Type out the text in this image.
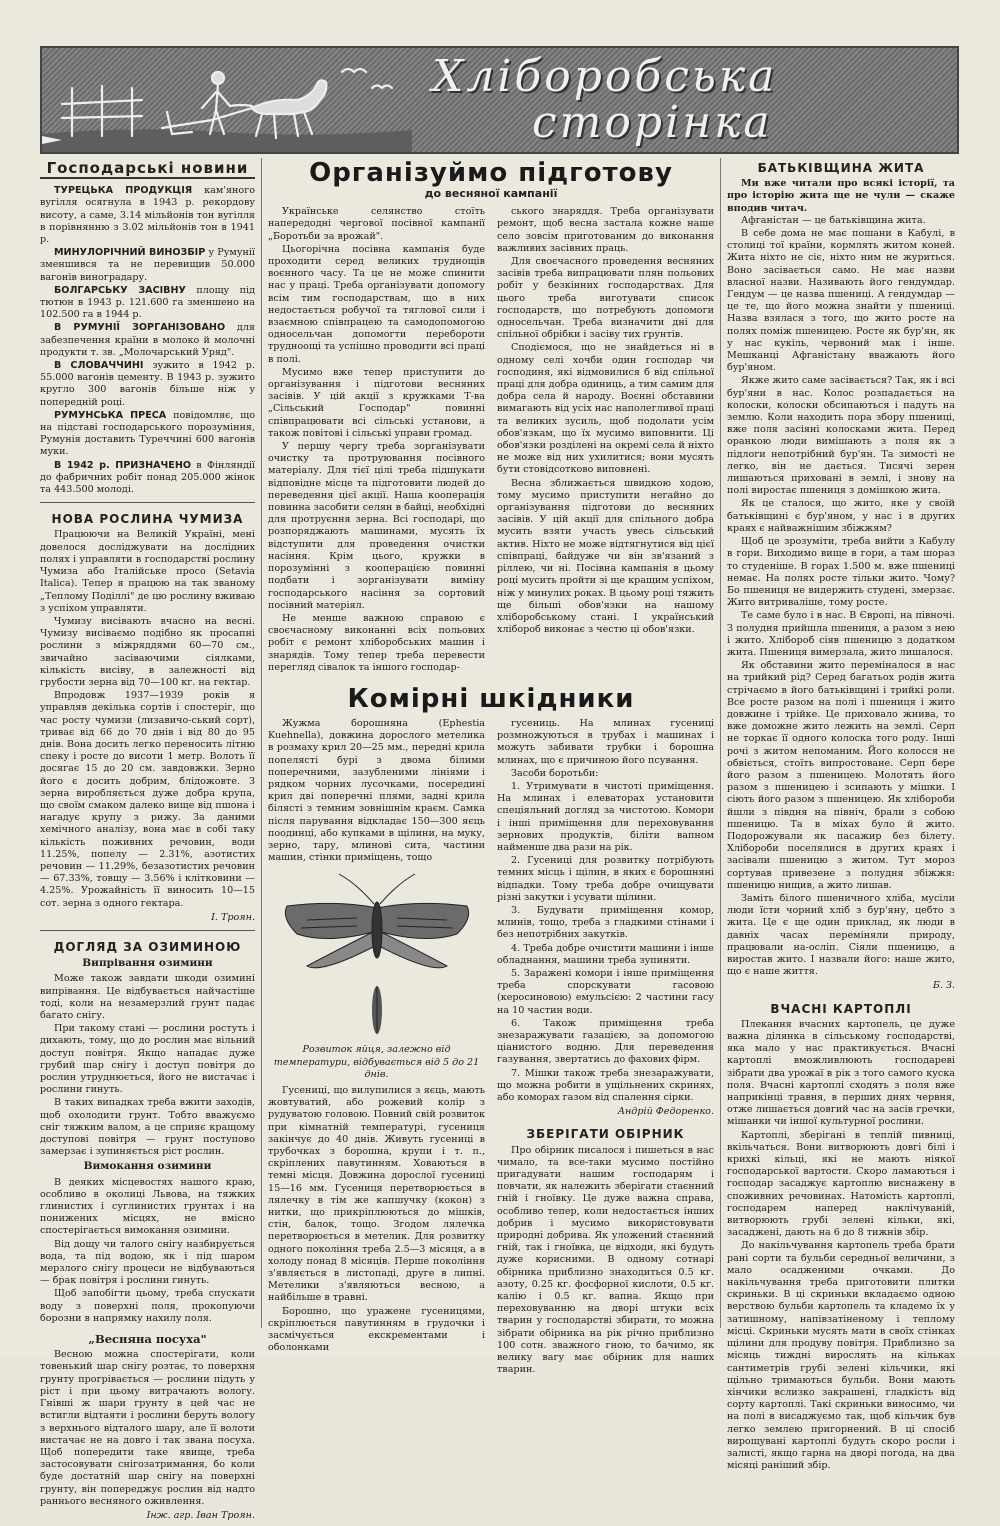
Хліборобська
сторінка
Господарські новини
ТУРЕЦЬКА ПРОДУКЦІЯ кам'яного вугілля осягнула в 1943 р. рекордову висоту, а саме, 3.14 мільйонів тон вугілля в порівнянню з 3.02 мільйонів тон в 1941 р.
МИНУЛОРІЧНИЙ ВИНОЗБІР у Румунії зменшився та не перевищив 50.000 вагонів виноградару.
БОЛГАРСЬКУ ЗАСІВНУ площу під тютюн в 1943 р. 121.600 га зменшено на 102.500 га в 1944 р.
В РУМУНІЇ ЗОРГАНІЗОВАНО для забезпечення країни в молоко й молочні продукти т. зв. „Молочарський Уряд".
В СЛОВАЧЧИНІ зужито в 1942 р. 55.000 вагонів цементу. В 1943 р. зужито кругло 300 вагонів більше ніж у попередній році.
РУМУНСЬКА ПРЕСА повідомляє, що на підставі господарського порозуміння, Румунія доставить Туреччині 600 вагонів муки.
В 1942 р. ПРИЗНАЧЕНО в Фінляндії до фабричних робіт понад 205.000 жінок та 443.500 молоді.
НОВА РОСЛИНА ЧУМИЗА

Працюючи на Великій Україні, мені довелося досліджувати на дослідних полях і управляти в господарстві рослину Чумиза або Італійське просо (Setavia Italica). Тепер я працюю на так званому „Теплому Поділлі" де цю рослину вживаю з успіхом управляти.

Чумизу висівають вчасно на весні. Чумизу висіваємо подібно як просапні рослини з міжряддями 60—70 см., звичайно засіваючими сіялками, кількість висіву, в залежності від грубости зерна від 70—100 кг. на гектар.

Впродовж 1937—1939 років я управляв декілька сортів і спостеріг, що час росту чумизи (лизавичо-ський сорт), триває від 66 до 70 днів і від 80 до 95 днів. Вона досить легко переносить літню спеку і росте до висоти 1 метр. Волоть її досягає 15 до 20 см. завдовжки. Зерно його є досить добрим, блідожовте. З зерна виробляється дуже добра крупа, що своїм смаком далеко вище від пшона і нагадує крупу з рижу. За даними хемічного аналізу, вона має в собі таку кількість поживних речовин, води 11.25%, попелу — 2.31%, азотистих речовин — 11.29%, безазотистих речовин — 67.33%, товщу — 3.56% і клітковини — 4.25%. Урожайність її виносить 10—15 сот. зерна з одного гектара.

І. Троян.
ДОГЛЯД ЗА ОЗИМИНОЮ
Випрівання озимини

Може також завдати шкоди озимині випрівання. Це відбувається найчастіше тоді, коли на незамерзлий грунт падає багато снігу.

При такому стані — рослини ростуть і дихають, тому, що до рослин має вільний доступ повітря. Якщо нападає дуже грубий шар снігу і доступ повітря до рослин утруднюється, його не вистачає і рослини гинуть.

В таких випадках треба вжити заходів, щоб охолодити грунт. Тобто вважуємо сніг тяжким валом, а це сприяє кращому доступові повітря — грунт поступово замерзає і зупиняється ріст рослин.

Вимокання озимини

В деяких місцевостях нашого краю, особливо в околиці Львова, на тяжких глинистих і суглинистих грунтах і на понижених місцях, не вмісно спостерігається вимокання озимини.

Від дощу чи талого снігу назбирується вода, та під водою, як і під шаром мерзлого снігу процеси не відбуваються — брак повітря і рослини гинуть.

Щоб запобігти цьому, треба спускати воду з поверхні поля, прокопуючи борозни в напрямку нахилу поля.

„Весняна посуха"

Весною можна спостерігати, коли товенький шар снігу розтає, то поверхня грунту прогрівається — рослини підуть у ріст і при цьому витрачають вологу. Гнівші ж шари грунту в цей час не встигли відтаяти і рослини беруть вологу з верхнього відталого шару, але її волоти вистачає не на довго і так звана посуха. Щоб попередити таке явище, треба застосовувати снігозатримання, бо коли буде достатній шар снігу на поверхні грунту, він попереджує рослин від надто раннього весняного оживлення.

Інж. агр. Іван Троян.
Організуймо підготову
до весняної кампанії

Українське селянство стоїть напередодні чергової посівної кампанії „Боротьби за врожай".

Цьогорічна посівна кампанія буде проходити серед великих труднощів воєнного часу. Та це не може спинити нас у праці. Треба організувати допомогу всім тим господарствам, що в них недостається робучої та тяглової сили і взаємною співпрацею та самодопомогою односельчан допомогти перебороти трудноощі та успішно проводити всі праці в полі.

Мусимо вже тепер приступити до організування і підготови весняних засівів. У цій акції з кружками Т-ва „Сільський Господар" повинні співпрацювати всі сільські установи, а також повітові і сільські управи громад.

У першу чергу треба зорганізувати очистку та протруювання посівного матеріалу. Для тієї цілі треба підшукати відповідне місце та підготовити людей до переведення цієї акції. Наша кооперація повинна засобити селян в байці, необхідні для протруєння зерна. Всі господарі, що розпоряджають машинами, мусять їх відступити для проведення очистки насіння. Крім цього, кружки в порозумінні з кооперацією повинні подбати і зорганізувати виміну господарського насіння за сортовий посівний матеріял.

Не менше важною справою є своєчасному виконанні всіх польових робіт є ремонт хліборобських машин і знарядів. Тому тепер треба перевести перегляд сівалок та іншого господар-

ського знаряддя. Треба організувати ремонт, щоб весна застала кожне наше село зовсім приготованим до виконання важливих засівних праць.

Для своєчасного проведення весняних засівів треба випрацювати плян польових робіт у безкінних господарствах. Для цього треба виготувати список господарств, що потребують допомоги односельчан. Треба визначити дні для спільної обрібки і засіву тих грунтів.

Сподіємося, що не знайдеться ні в одному селі хочби один господар чи господиня, які відмовилися б від спільної праці для добра одиниць, а тим самим для добра села й народу. Воєнні обставини вимагають від усіх нас наполегливої праці та великих зусиль, щоб подолати усім обов'язкам, що їх мусимо виповнити. Ці обов'язки розділені на окремі села й ніхто не може від них ухилитися; вони мусять бути стовідсотково виповнені.

Весна зближається швидкою ходою, тому мусимо приступити негайно до організування підготови до весняних засівів. У цій акції для спільного добра мусить взяти участь увесь сільський актив. Ніхто не може відтягнутися від цієї співпраці, байдуже чи він зв'язаний з ріллею, чи ні. Посівна кампанія в цьому році мусить пройти зі ще кращим успіхом, ніж у минулих роках. В цьому році тяжить ще більші обов'язки на нашому хліборобському стані. І український хлібороб виконає з честю ці обов'язки.

Комірні шкідники

Жужма борошняна (Ephestia Kuehnella), довжина дорослого метелика в розмаху крил 20—25 мм., передні крила попелясті бурі з двома білими поперечними, зазубленими лініями і рядком чорних лусочками, посередині крил дві поперечні плями, задні крила білясті з темним зовнішнім краєм. Самка після парування відкладає 150—300 яєць поодинці, або купками в щілини, на муку, зерно, тару, млинові сита, частини машин, стінки приміщень, тощо

Розвиток яйця, залежно від температури, відбувається від 5 до 21 днів.

Гусениці, що вилупилися з яєць, мають жовтуватий, або рожевий колір з рудуватою головою. Повний свій розвиток при кімнатній температурі, гусениця закінчує до 40 днів. Живуть гусениці в трубочках з борошна, крупи і т. п., скріплених павутинням. Ховаються в темні місця. Довжина дорослої гусениці 15—16 мм. Гусениця перетворюється в лялечку в тім же капшучку (кокон) з нитки, що прикріплюються до мішків, стін, балок, тощо. Згодом лялечка перетворюється в метелик. Для розвитку одного покоління треба 2.5—3 місяця, а в холоду понад 8 місяців. Перше покоління з'являється в листопаді, друге в липні. Метелики з'являються весною, а найбільше в травні.

Борошно, що уражене гусеницями, скріплюється павутинням в грудочки і засмічується екскрементами і оболонками

гусениць. На млинах гусениці розмножуються в трубах і машинах і можуть забивати трубки і борошна млинах, що є причиною його псування.

Засоби боротьби:

1. Утримувати в чистоті приміщення. На млинах і елеваторах установити спеціяльний догляд за чистотою. Комори і інші приміщення для переховування зернових продуктів, біліти вапном найменше два рази на рік.

2. Гусениці для розвитку потрібують темних місць і щілин, в яких є борошняні відпадки. Тому треба добре очищувати різні закутки і усувати щілини.

3. Будувати приміщення комор, млинів, тощо, треба з гладкими стінами і без непотрібних закутків.

4. Треба добре очистити машини і інше обладнання, машини треба зупиняти.

5. Заражені комори і інше приміщення треба спорскувати гасовою (керосиновою) емульсією: 2 частини гасу на 10 частин води.

6. Також приміщення треба знезаражувати газацією, за допомогою ціанистого водню. Для переведення газування, звертатись до фахових фірм.

7. Мішки також треба знезаражувати, що можна робити в ущільнених скринях, або коморах газом від спалення сірки.

Андрій Федоренко.
ЗБЕРІГАТИ ОБІРНИК

Про обірник писалося і пишеться в нас чимало, та все-таки мусимо постійно пригадувати нашим господарям і повчати, як належить зберігати стаєнний гній і гноївку. Це дуже важна справа, особливо тепер, коли недостається інших добрив і мусимо використовувати природні добрива. Як уложений стаєнний гній, так і гноївка, це відходи, які будуть дуже корисними. В одному сотнарі обірника приблизно знаходиться 0.5 кг. азоту, 0.25 кг. фосфорної кислоти, 0.5 кг. калію і 0.5 кг. вапна. Якщо при переховуванню на дворі штуки всіх тварин у господарстві збирати, то можна зібрати обірника на рік річно приблизно 100 сотн. зважного гною, то бачимо, як велику вагу має обірник для наших тварин.

БАТЬКІВЩИНА ЖИТА

Ми вже читали про всякі історії, та про історію жита ще не чули — скаже вподив читач.

Афганістан — це батьківщина жита.

В себе дома не має пошани в Кабулі, в столиці тої країни, кормлять житом коней. Жита ніхто не сіє, ніхто ним не журиться. Воно засівається само. Не має назви власної назви. Називають його гендумдар. Гендум — це назва пшениці. А гендумдар — це те, що його можна знайти у пшениці. Назва взялася з того, що жито росте на полях поміж пшеницею. Росте як бур'ян, як у нас кукіль, червоний мак і інше. Мешканці Афганістану вважають його бур'яном.

Якже жито саме засівається? Так, як і всі бур'яни в нас. Колос розпадається на колоски, колоски обсипаються і падуть на землю. Коли находить пора збору пшениці, вже поля засіяні колосками жита. Перед оранкою люди вимішають з поля як з підлоги непотрібний бур'ян. Та зимості не легко, він не дається. Тисячі зерен лишаються приховані в землі, і знову на полі виростає пшениця з домішкою жита.

Як це сталося, що жито, яке у своїй батьківщині є бур'яном, у нас і в других краях є найважнішим збіжжям?

Щоб це зрозуміти, треба вийти з Кабулу в гори. Виходимо вище в гори, а там шораз то студеніше. В горах 1.500 м. вже пшениці немає. На полях росте тільки жито. Чому? Бо пшениця не видержить студені, змерзає. Жито витриваліше, тому росте.

Те саме було і в нас. В Європі, на півночі. З полудня прийшла пшениця, а разом з нею і жито. Хлібороб сіяв пшеницю з додатком жита. Пшениця вимерзала, жито лишалося.

Як обставини жито переміналося в нас на трийкий рід? Серед багатьох родів жита стрічаємо в його батьківщині і трийкі роли. Все росте разом на полі і пшениця і жито довжине і трійке. Це приховало жнива, то вже доможне жито лежить на землі. Серп не торкає її одного колоска того роду. Інші рочі з житом непоманим. Його колосся не обвіється, стоїть випростоване. Серп бере його разом з пшеницею. Молотять його разом з пшеницею і зсипають у мішки. І сіють його разом з пшеницею. Як хлібороби йшли з півдня на північ, брали з собою пшеницю. Та в міхах було й жито. Подорожували як пасажир без білету. Хлібороби поселялися в других краях і засівали пшеницю з житом. Тут мороз сортував привезене з полудня збіжжя: пшеницю нищив, а жито лишав.

Заміть білого пшеничного хліба, мусіли люди їсти чорний хліб з бур'яну, цебто з жита. Це є ще один приклад, як люди в давніх часах переміняли природу, працювали на-осліп. Сіяли пшеницю, а виростав жито. І назвали його: наше жито, що є наше життя.

Б. З.
ВЧАСНІ КАРТОПЛІ

Плекання вчасних картопель, це дуже важна ділянка в сільському господарстві, яка мало у нас практикується. Вчасні картоплі вможливлюють господареві зібрати два урожаї в рік з того самого куска поля. Вчасні картоплі сходять з поля вже наприкінці травня, в перших днях червня, отже лишається довгий час на засів гречки, мішанки чи іншої культурної рослини.

Картоплі, зберігані в теплій пивниці, вкільчаться. Вони витворюють довгі білі і крихкі кільці, які не мають ніякої господарської вартости. Скоро ламаються і господар засаджує картоплю виснажену в споживних речовинах. Натомість картоплі, господарем наперед наклічуваній, витворюють грубі зелені кільки, які, засаджені, дають на 6 до 8 тижнів збір.

До накільчування картопель треба брати рані сорти та бульби середньої величини, з мало осадженими очками. До накільчування треба приготовити плитки скриньки. В ці скриньки вкладаємо одною верствою бульби картопель та кладемо їх у затишному, напівзатіненому і теплому місці. Скриньки мусять мати в своїх стінках щілини для продуву повітря. Приблизно за місяць тиждні вирослять на кільках сантиметрів грубі зелені кільчики, які щільно тримаються бульби. Вони мають хінчики вслизко закрашені, гладкість від сорту картоплі. Такі скриньки виносимо, чи на полі в висаджуємо так, щоб кільчик був легко землею пригорнений. В ці спосіб вирощувані картоплі будуть скоро росли і залисті, якщо гарна на дворі погода, на два місяці раніший збір.
